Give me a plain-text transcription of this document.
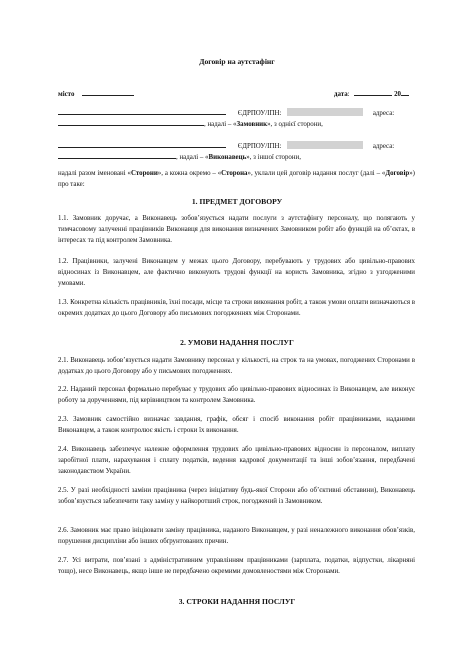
Договір на аутстафінг
місто	дата:	20
ЄДРПОУ/ІПН:	адреса:
, надалі – «Замовник», з однієї сторони,
ЄДРПОУ/ІПН:	адреса:
, надалі – «Виконавець», з іншої сторони,
надалі разом іменовані «Сторони», а кожна окремо – «Сторона», уклали цей договір надання послуг (далі – «Договір») про таке:
1. ПРЕДМЕТ ДОГОВОРУ
1.1. Замовник доручає, а Виконавець зобов’язується надати послуги з аутстафінгу персоналу, що полягають у тимчасовому залученні працівників Виконавця для виконання визначених Замовником робіт або функцій на об’єктах, в інтересах та під контролем Замовника.
1.2. Працівники, залучені Виконавцем у межах цього Договору, перебувають у трудових або цивільно-правових відносинах із Виконавцем, але фактично виконують трудові функції на користь Замовника, згідно з узгодженими умовами.
1.3. Конкретна кількість працівників, їхні посади, місце та строки виконання робіт, а також умови оплати визначаються в окремих додатках до цього Договору або письмових погодженнях між Сторонами.
2. УМОВИ НАДАННЯ ПОСЛУГ
2.1. Виконавець зобов’язується надати Замовнику персонал у кількості, на строк та на умовах, погоджених Сторонами в додатках до цього Договору або у письмових погодженнях.
2.2. Наданий персонал формально перебуває у трудових або цивільно-правових відносинах із Виконавцем, але виконує роботу за дорученнями, під керівництвом та контролем Замовника.
2.3. Замовник самостійно визначає завдання, графік, обсяг і спосіб виконання робіт працівниками, наданими Виконавцем, а також контролює якість і строки їх виконання.
2.4. Виконавець забезпечує належне оформлення трудових або цивільно-правових відносин із персоналом, виплату заробітної плати, нарахування і сплату податків, ведення кадрової документації та інші зобов’язання, передбачені законодавством України.
2.5. У разі необхідності заміни працівника (через ініціативу будь-якої Сторони або об’єктивні обставини), Виконавець зобов’язується забезпечити таку заміну у найкоротший строк, погоджений із Замовником.
2.6. Замовник має право ініціювати заміну працівника, наданого Виконавцем, у разі неналежного виконання обов’язків, порушення дисципліни або інших обґрунтованих причин.
2.7. Усі витрати, пов’язані з адміністративним управлінням працівниками (зарплата, податки, відпустки, лікарняні тощо), несе Виконавець, якщо інше не передбачено окремими домовленостями між Сторонами.
3. СТРОКИ НАДАННЯ ПОСЛУГ
